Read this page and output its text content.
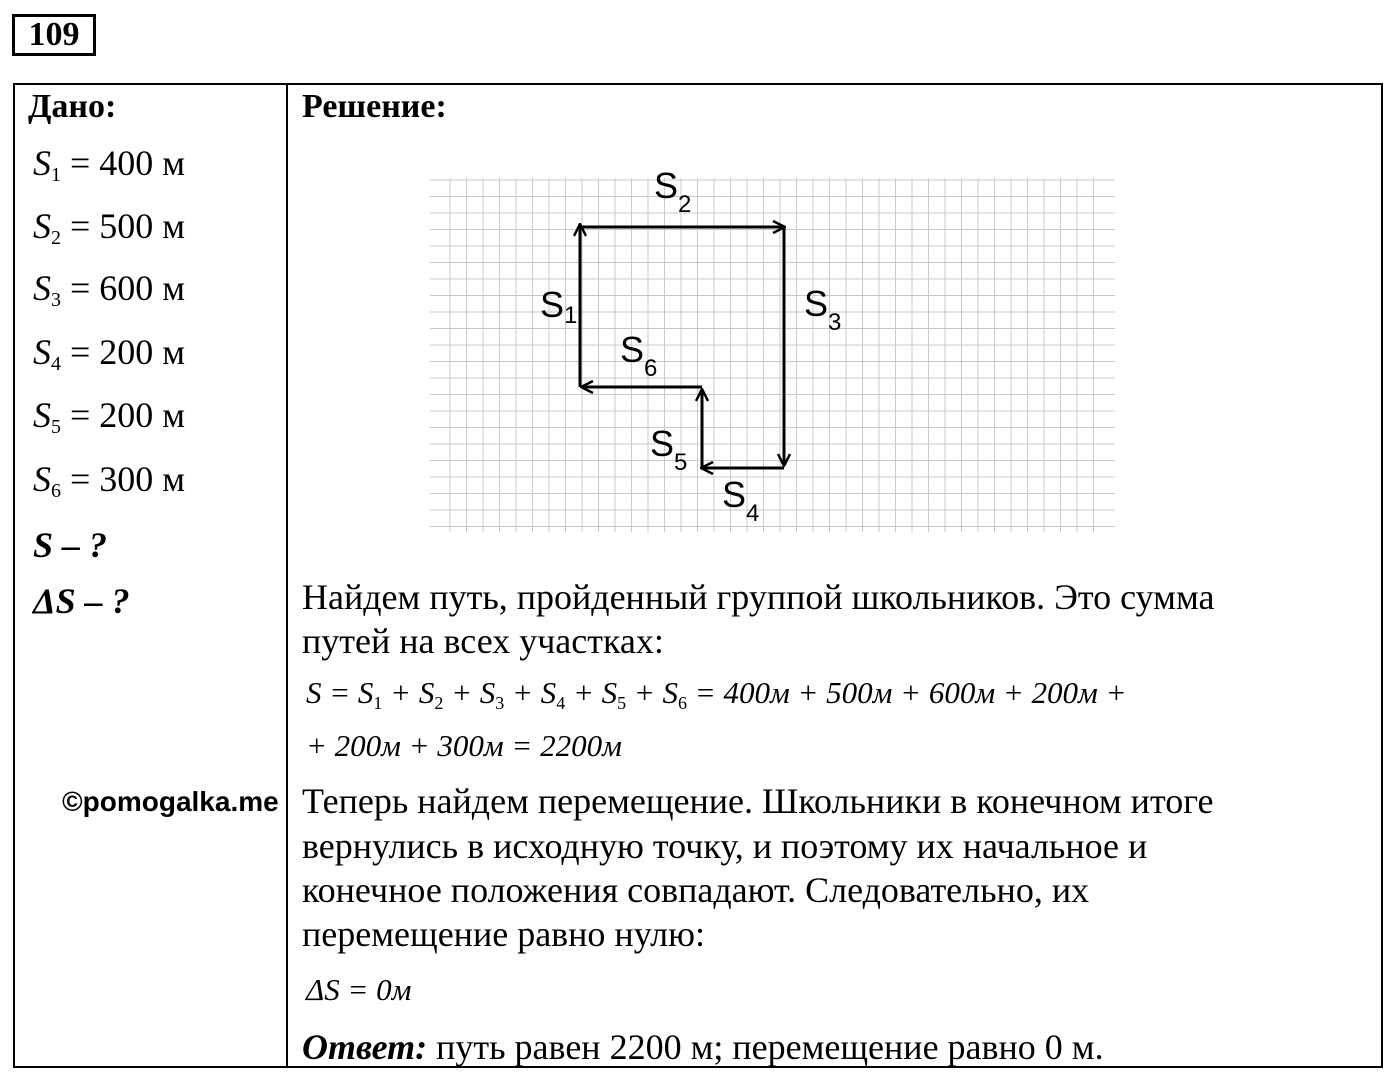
109
Дано:
$S_1 = 400$ м
$S_2 = 500$ м
$S_3 = 600$ м
$S_4 = 200$ м
$S_5 = 200$ м
$S_6 = 300$ м
S – ?
ΔS – ?
©pomogalka.me
Решение:
S1
$S_2$
$S_3$
$S_4$
$S_5$
$S_6$
Найдем путь, пройденный группой школьников. Это сумма
путей на всех участках:
$S = S_1 + S_2 + S_3 + S_4 + S_5 + S_6 = 400м + 500м + 600м + 200м$ +
+ 200м + 300м = 2200м
Теперь найдем перемещение. Школьники в конечном итоге
вернулись в исходную точку, и поэтому их начальное и
конечное положения совпадают. Следовательно, их
перемещение равно нулю:
ΔS = 0м
Ответ: путь равен 2200 м; перемещение равно 0 м.
